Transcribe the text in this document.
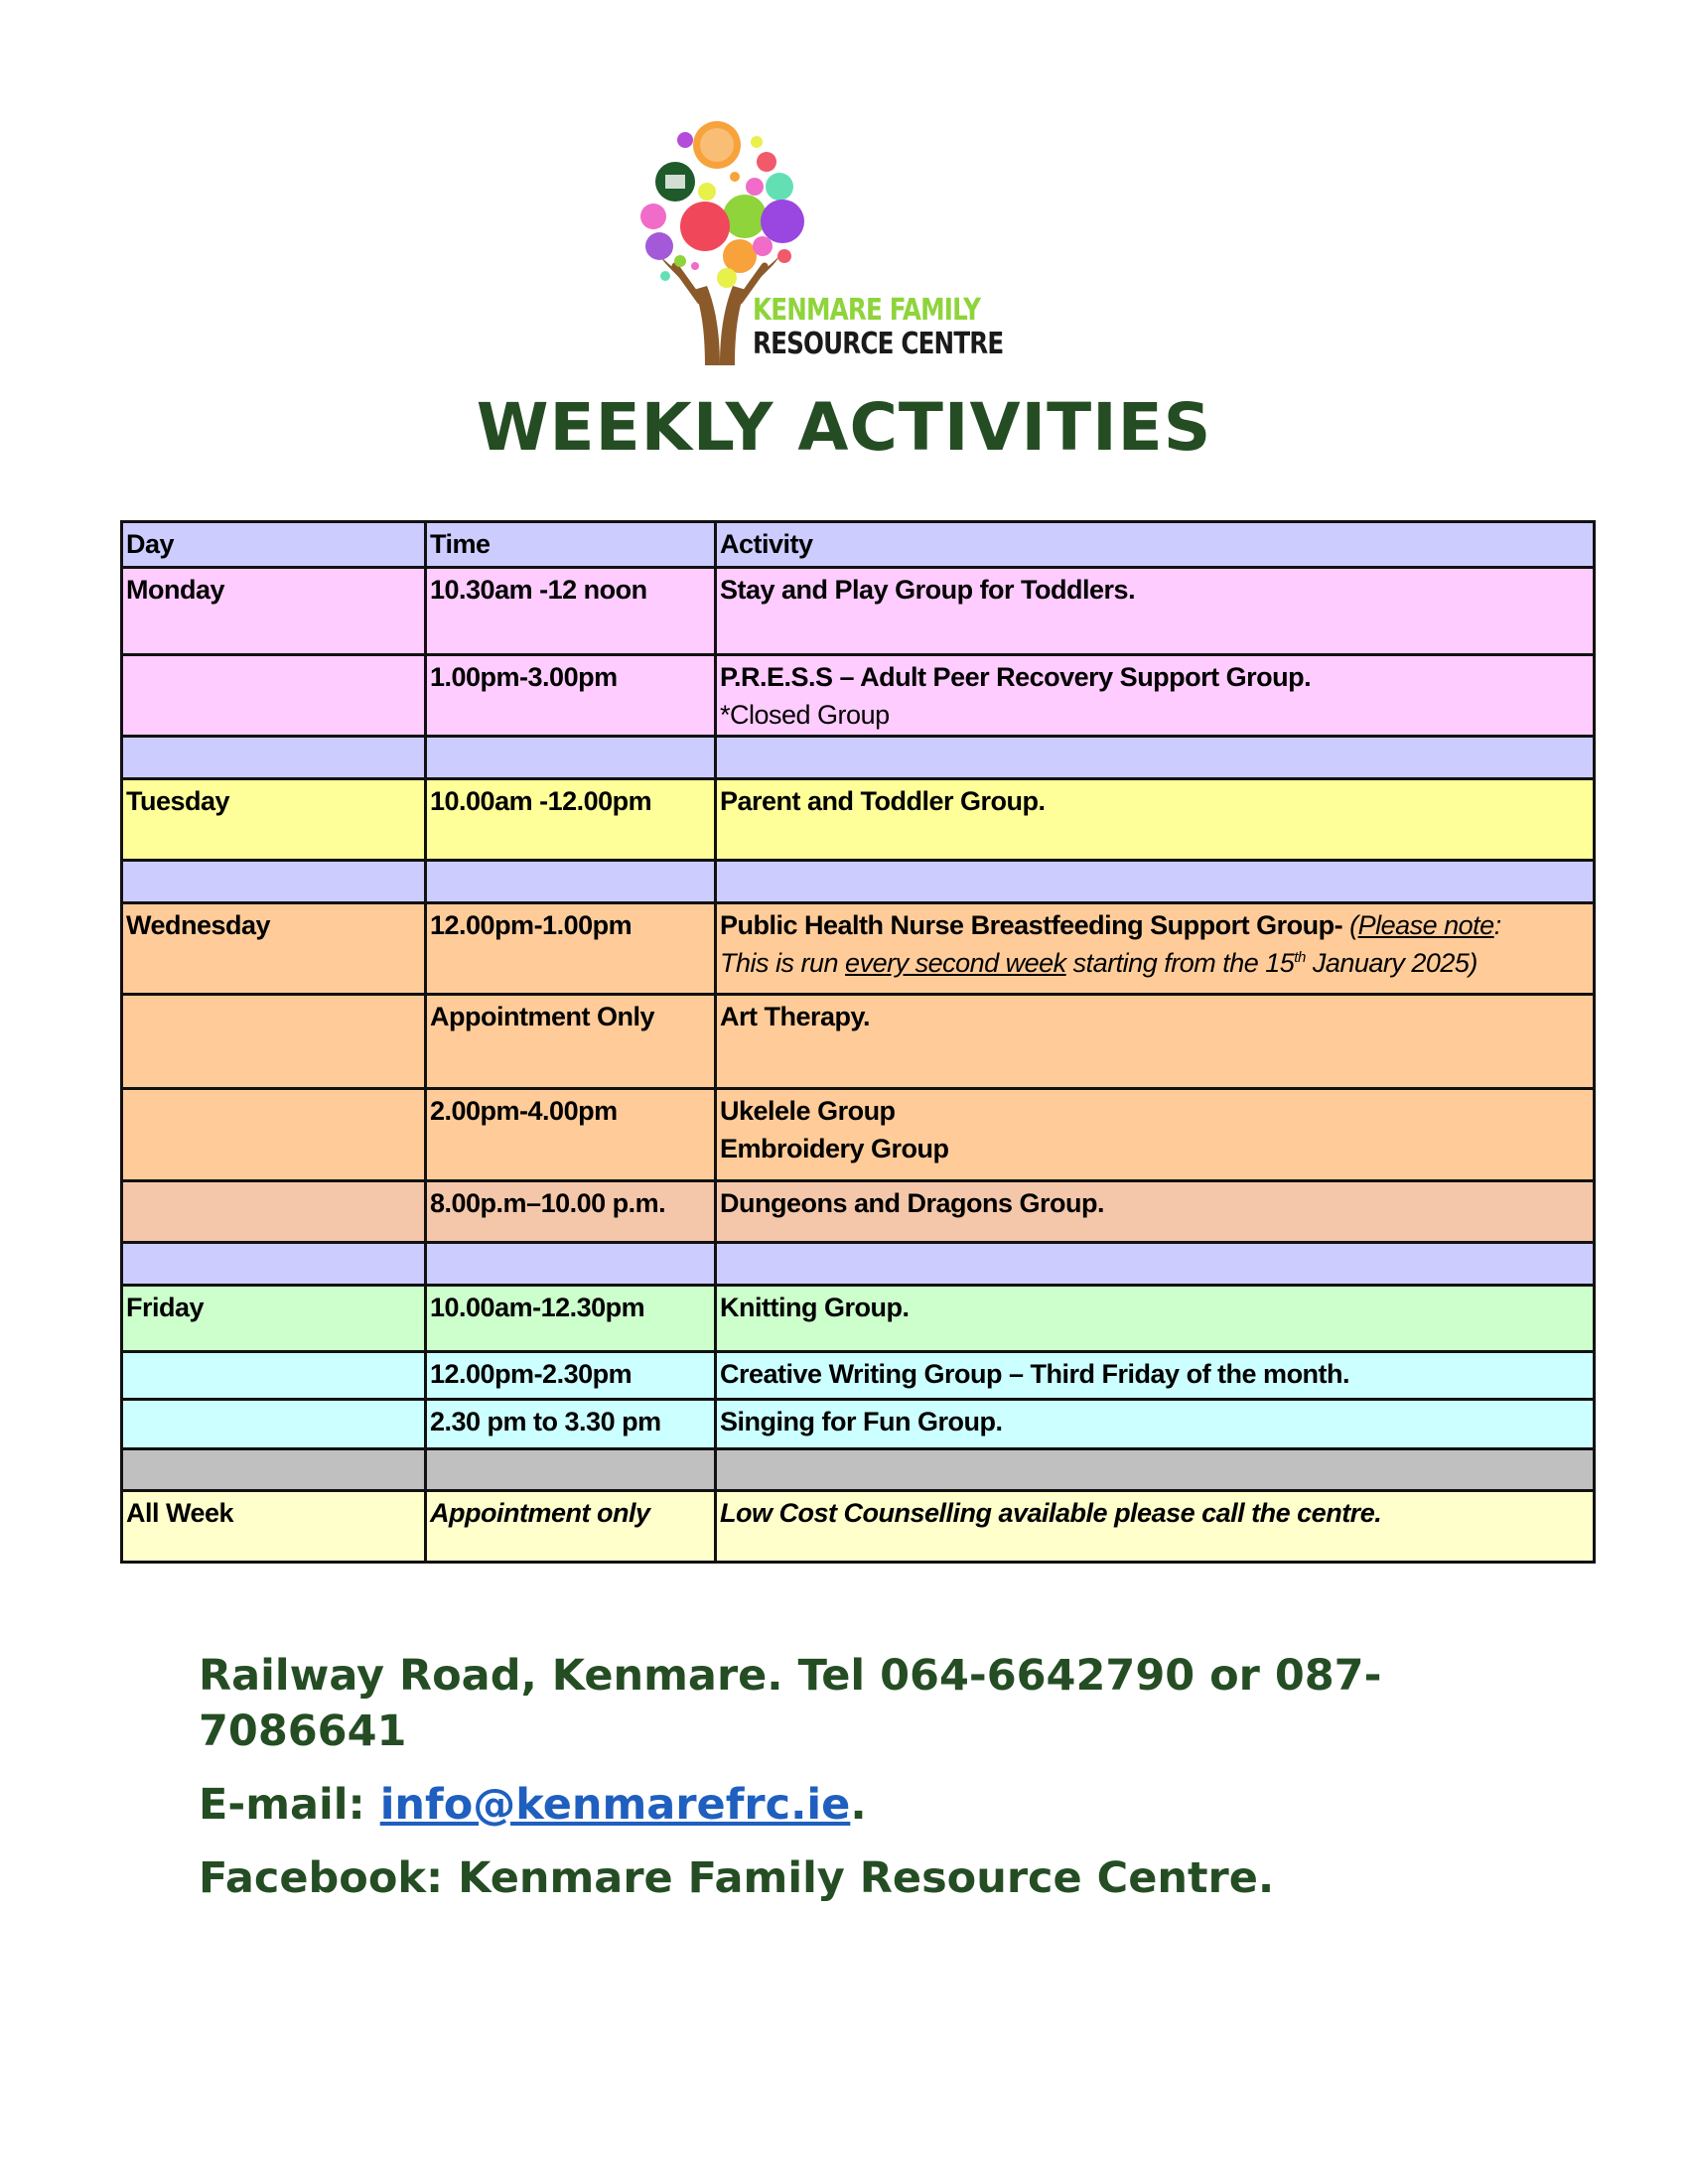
KENMARE FAMILY
RESOURCE CENTRE
WEEKLY ACTIVITIES
Day	Time	Activity
Monday	10.30am -12 noon	Stay and Play Group for Toddlers.
	1.00pm-3.00pm	P.R.E.S.S – Adult Peer Recovery Support Group.
*Closed Group

Tuesday	10.00am -12.00pm	Parent and Toddler Group.

Wednesday	12.00pm-1.00pm	Public Health Nurse Breastfeeding Support Group- (Please note:
This is run every second week starting from the 15th January 2025)
	Appointment Only	Art Therapy.
	2.00pm-4.00pm	Ukelele Group
Embroidery Group

	8.00p.m–10.00 p.m.	Dungeons and Dragons Group.

Friday	10.00am-12.30pm	Knitting Group.
	12.00pm-2.30pm	Creative Writing Group – Third Friday of the month.
	2.30 pm to 3.30 pm	Singing for Fun Group.

All Week	Appointment only	Low Cost Counselling available please call the centre.

Railway Road, Kenmare. Tel 064-6642790 or 087-7086641

E-mail: info@kenmarefrc.ie.

Facebook: Kenmare Family Resource Centre.
